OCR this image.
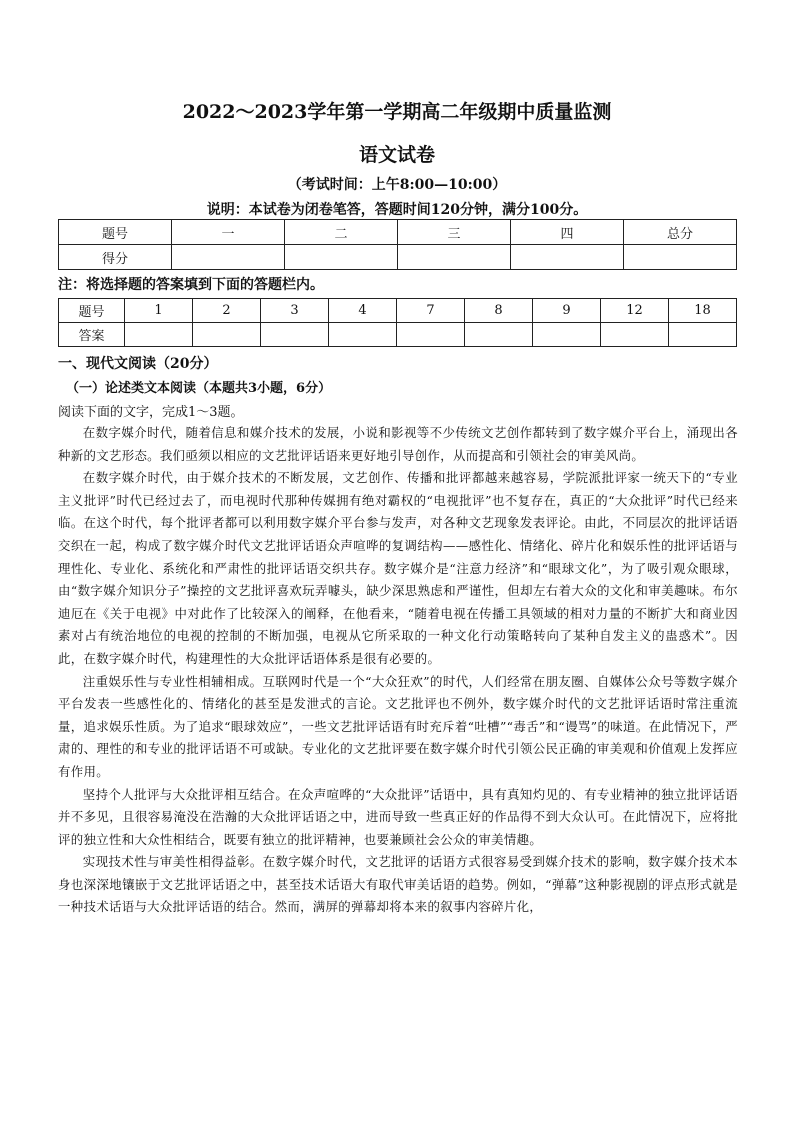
2022～2023学年第一学期高二年级期中质量监测
语文试卷
（考试时间：上午8:00—10:00）
说明：本试卷为闭卷笔答，答题时间120分钟，满分100分。
题号	一	二	三	四	总分
得分					
注：将选择题的答案填到下面的答题栏内。
题号	1	2	3	4	7	8	9	12	18
答案									
一、现代文阅读（20分）
（一）论述类文本阅读（本题共3小题，6分）
阅读下面的文字，完成1～3题。

在数字媒介时代，随着信息和媒介技术的发展，小说和影视等不少传统文艺创作都转到了数字媒介平台上，涌现出各种新的文艺形态。我们亟须以相应的文艺批评话语来更好地引导创作，从而提高和引领社会的审美风尚。

在数字媒介时代，由于媒介技术的不断发展，文艺创作、传播和批评都越来越容易，学院派批评家一统天下的“专业主义批评”时代已经过去了，而电视时代那种传媒拥有绝对霸权的“电视批评”也不复存在，真正的“大众批评”时代已经来临。在这个时代，每个批评者都可以利用数字媒介平台参与发声，对各种文艺现象发表评论。由此，不同层次的批评话语交织在一起，构成了数字媒介时代文艺批评话语众声喧哗的复调结构——感性化、情绪化、碎片化和娱乐性的批评话语与理性化、专业化、系统化和严肃性的批评话语交织共存。数字媒介是“注意力经济”和“眼球文化”，为了吸引观众眼球，由“数字媒介知识分子”操控的文艺批评喜欢玩弄噱头，缺少深思熟虑和严谨性，但却左右着大众的文化和审美趣味。布尔迪厄在《关于电视》中对此作了比较深入的阐释，在他看来，“随着电视在传播工具领域的相对力量的不断扩大和商业因素对占有统治地位的电视的控制的不断加强，电视从它所采取的一种文化行动策略转向了某种自发主义的蛊惑术”。因此，在数字媒介时代，构建理性的大众批评话语体系是很有必要的。

注重娱乐性与专业性相辅相成。互联网时代是一个“大众狂欢”的时代，人们经常在朋友圈、自媒体公众号等数字媒介平台发表一些感性化的、情绪化的甚至是发泄式的言论。文艺批评也不例外，数字媒介时代的文艺批评话语时常注重流量，追求娱乐性质。为了追求“眼球效应”，一些文艺批评话语有时充斥着“吐槽”“毒舌”和“谩骂”的味道。在此情况下，严肃的、理性的和专业的批评话语不可或缺。专业化的文艺批评要在数字媒介时代引领公民正确的审美观和价值观上发挥应有作用。

坚持个人批评与大众批评相互结合。在众声喧哗的“大众批评”话语中，具有真知灼见的、有专业精神的独立批评话语并不多见，且很容易淹没在浩瀚的大众批评话语之中，进而导致一些真正好的作品得不到大众认可。在此情况下，应将批评的独立性和大众性相结合，既要有独立的批评精神，也要兼顾社会公众的审美情趣。

实现技术性与审美性相得益彰。在数字媒介时代，文艺批评的话语方式很容易受到媒介技术的影响，数字媒介技术本身也深深地镶嵌于文艺批评话语之中，甚至技术话语大有取代审美话语的趋势。例如，“弹幕”这种影视剧的评点形式就是一种技术话语与大众批评话语的结合。然而，满屏的弹幕却将本来的叙事内容碎片化，
